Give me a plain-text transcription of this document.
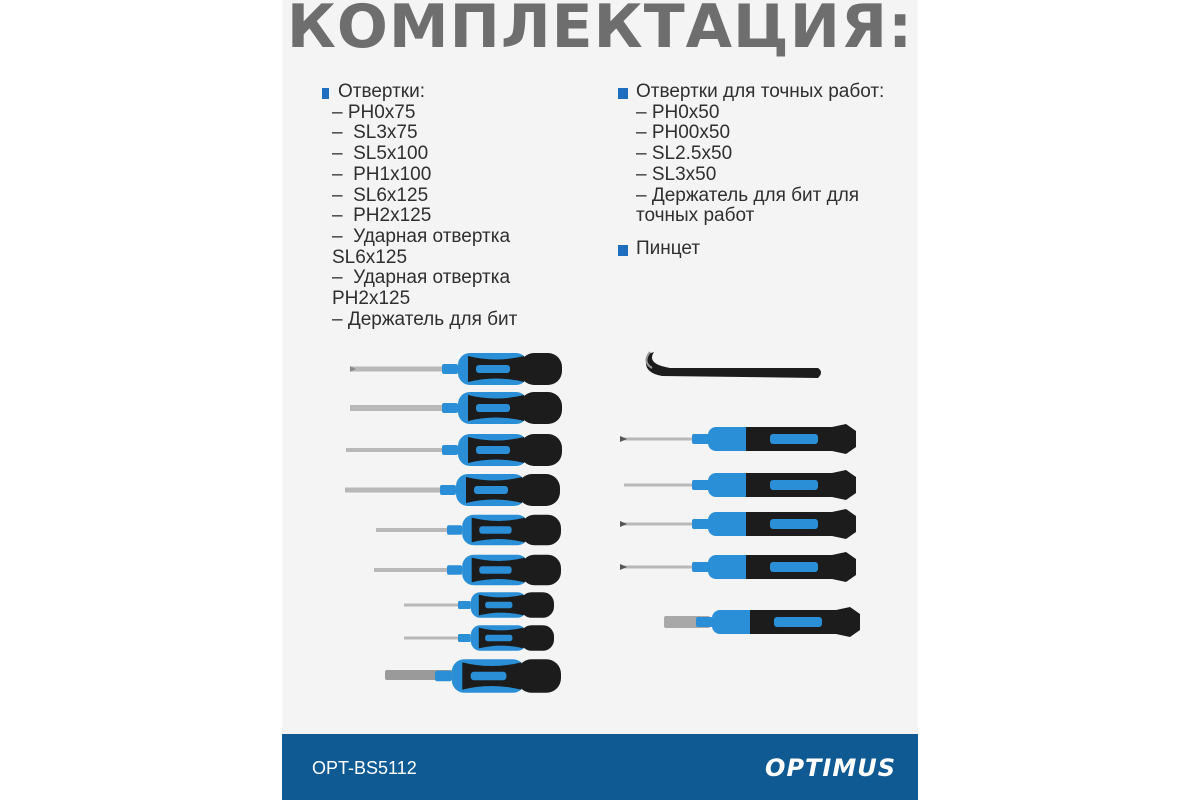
КОМПЛЕКТАЦИЯ:
Отвертки:
– PH0x75
–  SL3x75
–  SL5x100
–  PH1x100
–  SL6x125
–  PH2x125
–  Ударная отвертка SL6x125
–  Ударная отвертка PH2x125
– Держатель для бит
Отвертки для точных работ:
– PH0x50
– PH00x50
– SL2.5x50
– SL3x50
– Держатель для бит для точных работ
Пинцет
OPT-BS5112	OPTIMUS
